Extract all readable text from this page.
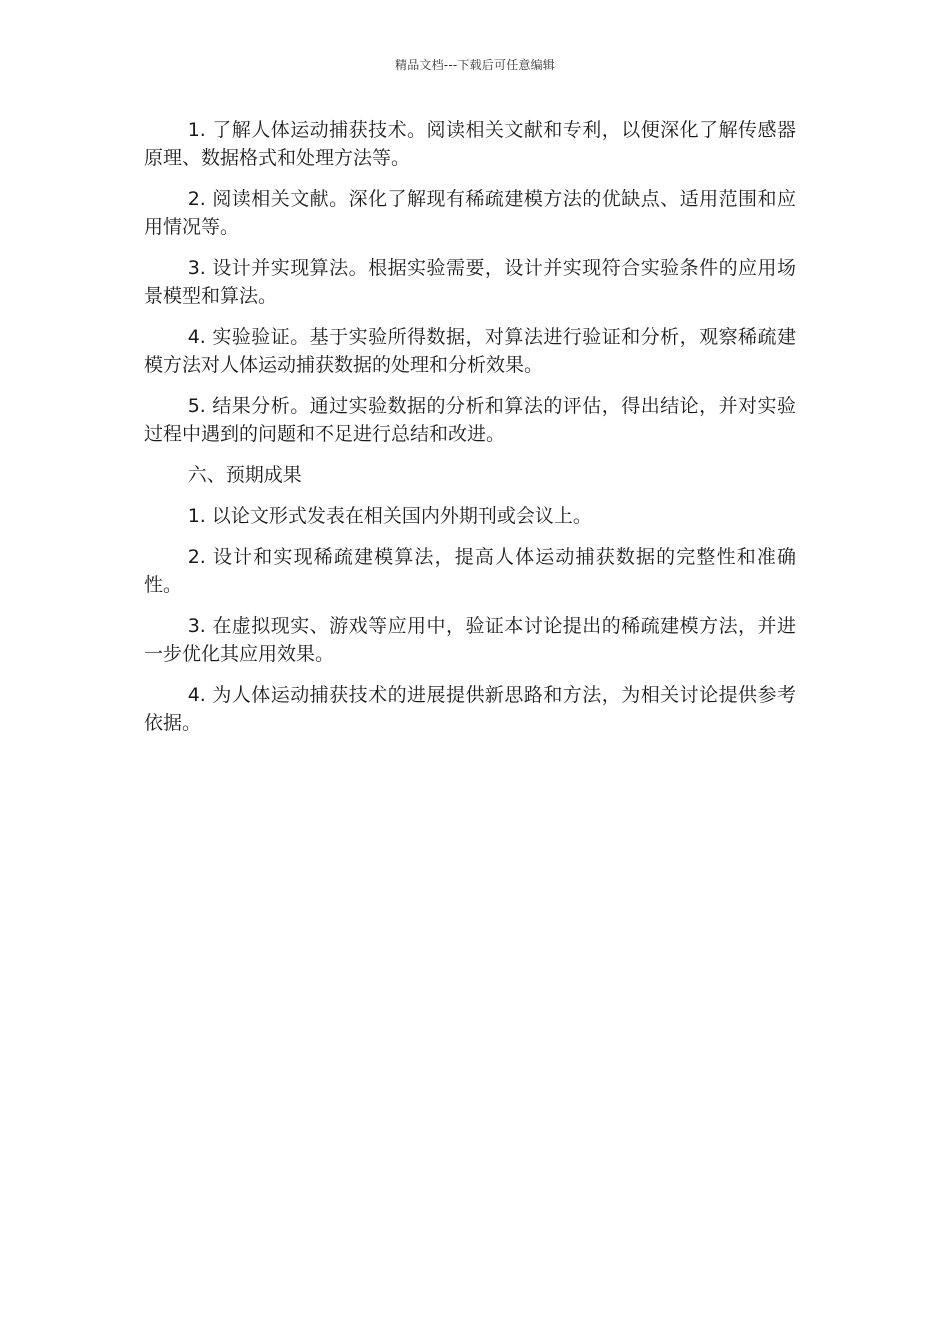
精品文档---下载后可任意编辑

1. 了解人体运动捕获技术。阅读相关文献和专利，以便深化了解传感器原理、数据格式和处理方法等。

2. 阅读相关文献。深化了解现有稀疏建模方法的优缺点、适用范围和应用情况等。

3. 设计并实现算法。根据实验需要，设计并实现符合实验条件的应用场景模型和算法。

4. 实验验证。基于实验所得数据，对算法进行验证和分析，观察稀疏建模方法对人体运动捕获数据的处理和分析效果。

5. 结果分析。通过实验数据的分析和算法的评估，得出结论，并对实验过程中遇到的问题和不足进行总结和改进。

六、预期成果

1. 以论文形式发表在相关国内外期刊或会议上。

2. 设计和实现稀疏建模算法，提高人体运动捕获数据的完整性和准确性。

3. 在虚拟现实、游戏等应用中，验证本讨论提出的稀疏建模方法，并进一步优化其应用效果。

4. 为人体运动捕获技术的进展提供新思路和方法，为相关讨论提供参考依据。
